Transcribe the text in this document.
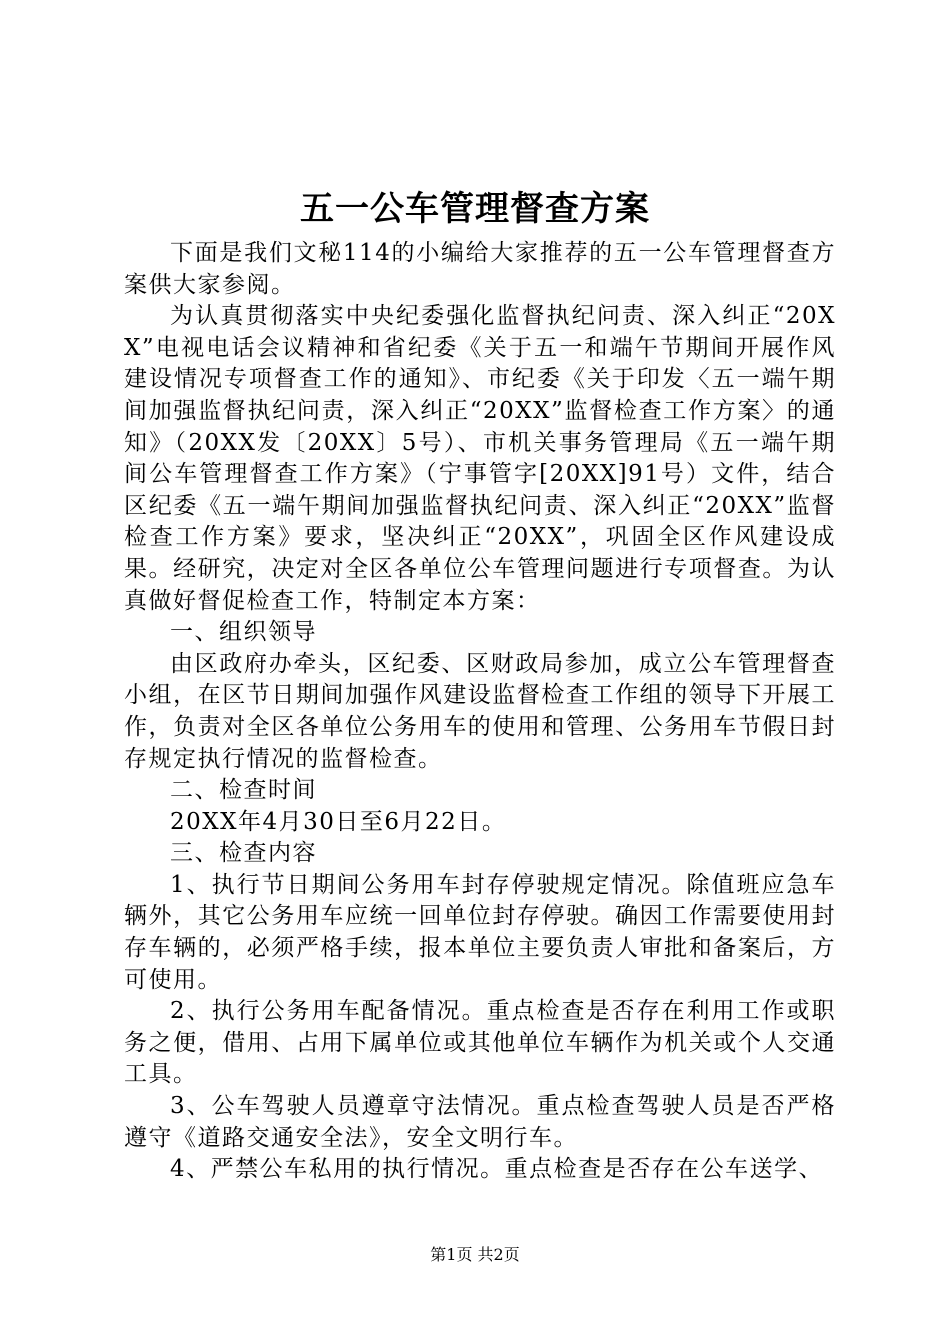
五一公车管理督查方案

下面是我们文秘114的小编给大家推荐的五一公车管理督查方案供大家参阅。

为认真贯彻落实中央纪委强化监督执纪问责、深入纠正“20XX”电视电话会议精神和省纪委《关于五一和端午节期间开展作风建设情况专项督查工作的通知》、市纪委《关于印发〈五一端午期间加强监督执纪问责，深入纠正“20XX”监督检查工作方案〉的通知》（20XX发〔20XX〕5号）、市机关事务管理局《五一端午期间公车管理督查工作方案》（宁事管字[20XX]91号）文件，结合区纪委《五一端午期间加强监督执纪问责、深入纠正“20XX”监督检查工作方案》要求，坚决纠正“20XX”，巩固全区作风建设成果。经研究，决定对全区各单位公车管理问题进行专项督查。为认真做好督促检查工作，特制定本方案：

一、组织领导

由区政府办牵头，区纪委、区财政局参加，成立公车管理督查小组，在区节日期间加强作风建设监督检查工作组的领导下开展工作，负责对全区各单位公务用车的使用和管理、公务用车节假日封存规定执行情况的监督检查。

二、检查时间

20XX年4月30日至6月22日。

三、检查内容

1、执行节日期间公务用车封存停驶规定情况。除值班应急车辆外，其它公务用车应统一回单位封存停驶。确因工作需要使用封存车辆的，必须严格手续，报本单位主要负责人审批和备案后，方可使用。

2、执行公务用车配备情况。重点检查是否存在利用工作或职务之便，借用、占用下属单位或其他单位车辆作为机关或个人交通工具。

3、公车驾驶人员遵章守法情况。重点检查驾驶人员是否严格遵守《道路交通安全法》，安全文明行车。

4、严禁公车私用的执行情况。重点检查是否存在公车送学、

第1页 共2页
